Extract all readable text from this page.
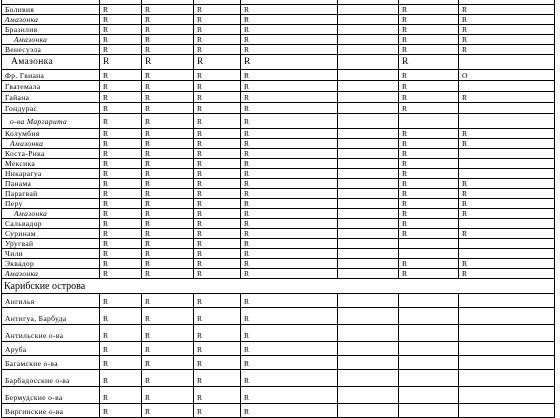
Боливия	R	R	R	R		R	R
Амазонка	R	R	R	R		R	R
Бразилия	R	R	R	R		R	R
Амазонка	R	R	R	R		R	R
Венесуэла	R	R	R	R		R	R
Амазонка	R	R	R	R		R	
Фр. Гвиана	R	R	R	R		R	O
Гватемала	R	R	R	R		R	
Гайана	R	R	R	R		R	R
Гондурас	R	R	R	R		R	
о-ва Маргарита	R	R	R	R			
Колумбия	R	R	R	R		R	R
Амазонка	R	R	R	R		R	R
Коста-Рика	R	R	R	R		R	
Мексика	R	R	R	R		R	
Никарагуа	R	R	R	R		R	
Панама	R	R	R	R		R	R
Парагвай	R	R	R	R		R	R
Перу	R	R	R	R		R	R
Амазонка	R	R	R	R		R	R
Сальвадор	R	R	R	R		R	
Суринам	R	R	R	R		R	R
Уругвай	R	R	R	R			
Чили	R	R	R	R			
Эквадор	R	R	R	R		R	R
Амазонка	R	R	R	R		R	R
Карибские острова							
Ангилья	R	R	R	R			
Антигуа, Барбуда	R	R	R	R			
Антильские о-ва	R	R	R	R			
Аруба	R	R	R	R			
Багамские о-ва	R	R	R	R			
Барбадосские о-ва	R	R	R	R			
Бермудские о-ва	R	R	R	R			
Виргинские о-ва	R	R	R	R			
